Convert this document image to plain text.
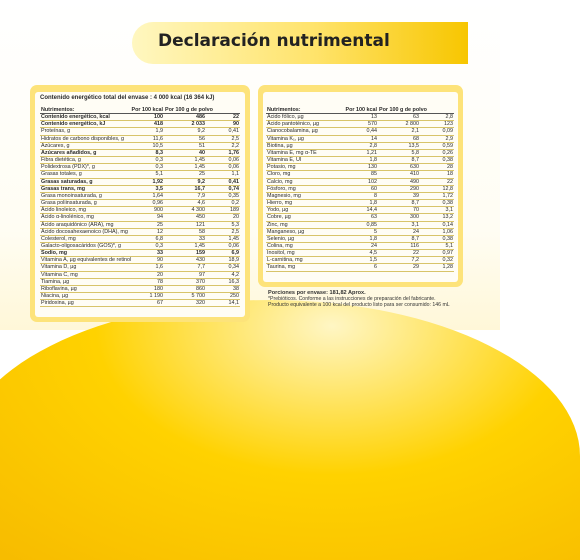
Declaración nutrimental
Contenido energético total del envase : 4 000 kcal (16 364 kJ)
Nutrimentos:	Por 100 kcal	Por 100 g de polvo	
Contenido energético, kcal	100	486	22
Contenido energético, kJ	418	2 033	90
Proteínas, g	1,9	9,2	0,41
Hidratos de carbono disponibles, g	11,6	56	2,5
Azúcares, g	10,5	51	2,2
Azúcares añadidos, g	8,3	40	1,76
Fibra dietética, g	0,3	1,45	0,06
Polidextrosa (PDX)*, g	0,3	1,45	0,06
Grasas totales, g	5,1	25	1,1
Grasas saturadas, g	1,92	9,2	0,41
Grasas trans, mg	3,5	16,7	0,74
Grasa monoinsaturada, g	1,64	7,9	0,35
Grasa poliinsaturada, g	0,96	4,6	0,2
Ácido linoleico, mg	900	4 300	189
Ácido α-linolénico, mg	94	450	20
Ácido araquidónico (ARA), mg	25	121	5,3
Ácido docosahexaenoico (DHA), mg	12	58	2,5
Colesterol, mg	6,8	33	1,45
Galacto-oligosacáridos (GOS)*, g	0,3	1,45	0,06
Sodio, mg	33	159	6,9
Vitamina A, µg equivalentes de retinol	90	430	18,9
Vitamina D, µg	1,6	7,7	0,34
Vitamina C, mg	20	97	4,2
Tiamina, µg	78	370	16,3
Riboflavina, µg	180	860	38
Niacina, µg	1 190	5 700	250
Piridoxina, µg	67	320	14,1
Nutrimentos:	Por 100 kcal	Por 100 g de polvo	
Ácido fólico, µg	13	63	2,8
Ácido pantoténico, µg	570	2 800	123
Cianocobalamina, µg	0,44	2,1	0,09
Vitamina K₁, µg	14	68	2,9
Biotina, µg	2,8	13,5	0,59
Vitamina E, mg α-TE	1,21	5,8	0,26
Vitamina E, UI	1,8	8,7	0,38
Potasio, mg	130	630	28
Cloro, mg	85	410	18
Calcio, mg	102	490	22
Fósforo, mg	60	290	12,8
Magnesio, mg	8	39	1,72
Hierro, mg	1,8	8,7	0,38
Yodo, µg	14,4	70	3,1
Cobre, µg	63	300	13,2
Zinc, mg	0,85	3,1	0,14
Manganeso, µg	5	24	1,06
Selenio, µg	1,8	8,7	0,38
Colina, mg	24	116	5,1
Inositol, mg	4,5	22	0,97
L-carnitina, mg	1,5	7,2	0,32
Taurina, mg	6	29	1,28
Porciones por envase: 181,82 Aprox.
*Prebióticos. Conforme a las instrucciones de preparación del fabricante.
Producto equivalente a 100 kcal del producto listo para ser consumido: 146 mL
